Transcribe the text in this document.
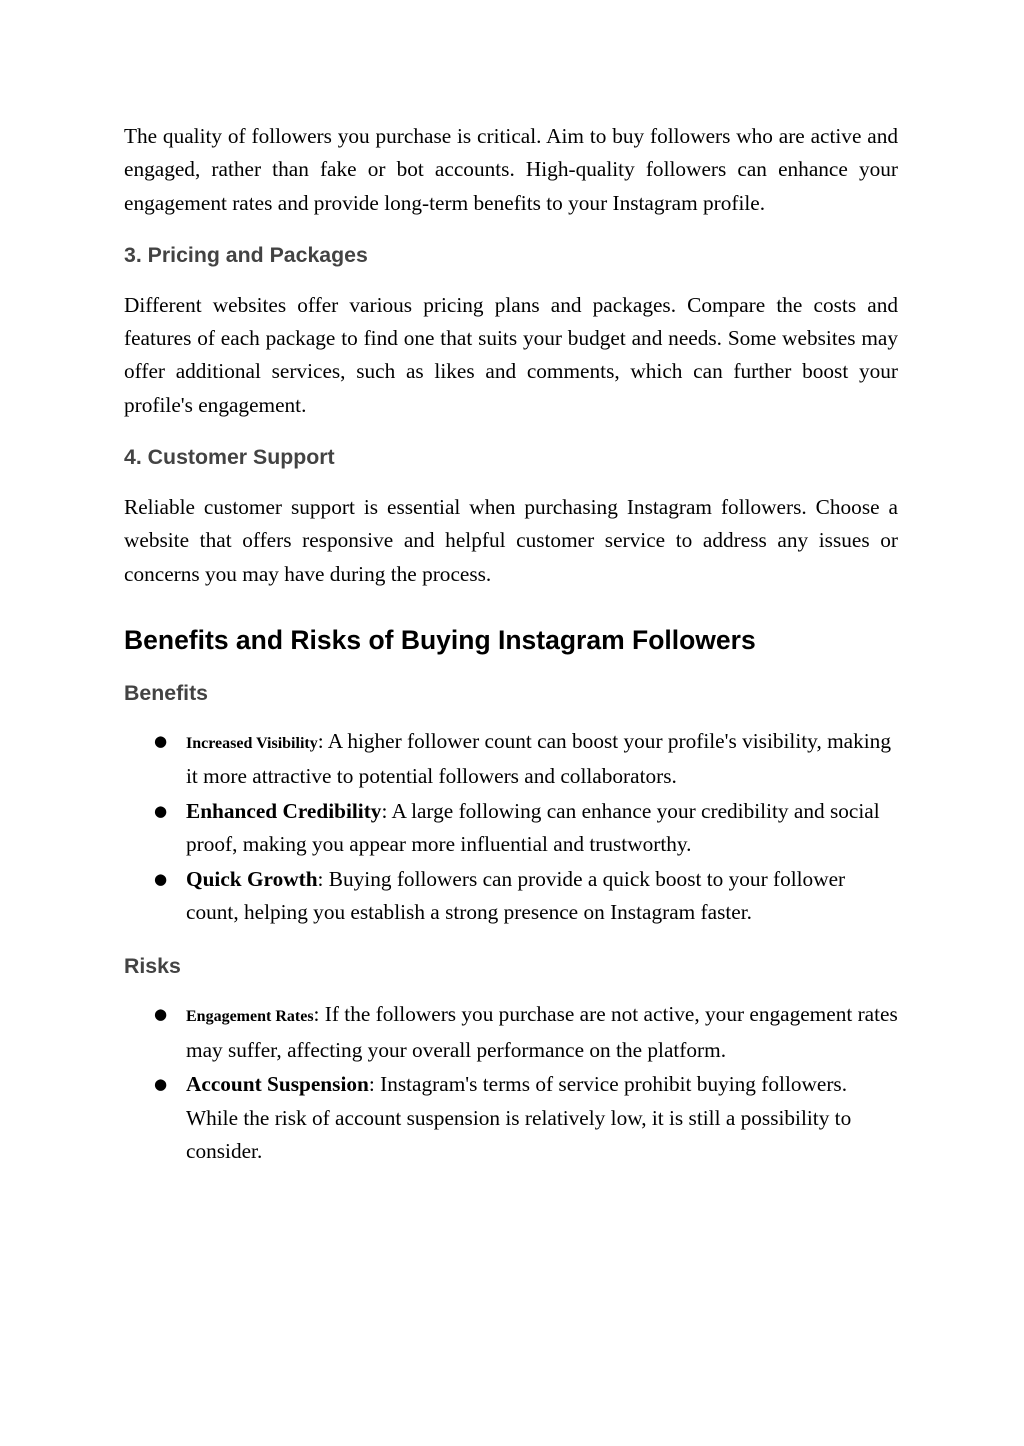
The quality of followers you purchase is critical. Aim to buy followers who are active and engaged, rather than fake or bot accounts. High-quality followers can enhance your engagement rates and provide long-term benefits to your Instagram profile.

3. Pricing and Packages

Different websites offer various pricing plans and packages. Compare the costs and features of each package to find one that suits your budget and needs. Some websites may offer additional services, such as likes and comments, which can further boost your profile's engagement.

4. Customer Support

Reliable customer support is essential when purchasing Instagram followers. Choose a website that offers responsive and helpful customer service to address any issues or concerns you may have during the process.

Benefits and Risks of Buying Instagram Followers
Benefits
● Increased Visibility: A higher follower count can boost your profile's visibility, making it more attractive to potential followers and collaborators.
● Enhanced Credibility: A large following can enhance your credibility and social proof, making you appear more influential and trustworthy.
● Quick Growth: Buying followers can provide a quick boost to your follower count, helping you establish a strong presence on Instagram faster.
Risks
● Engagement Rates: If the followers you purchase are not active, your engagement rates may suffer, affecting your overall performance on the platform.
● Account Suspension: Instagram's terms of service prohibit buying followers. While the risk of account suspension is relatively low, it is still a possibility to consider.
